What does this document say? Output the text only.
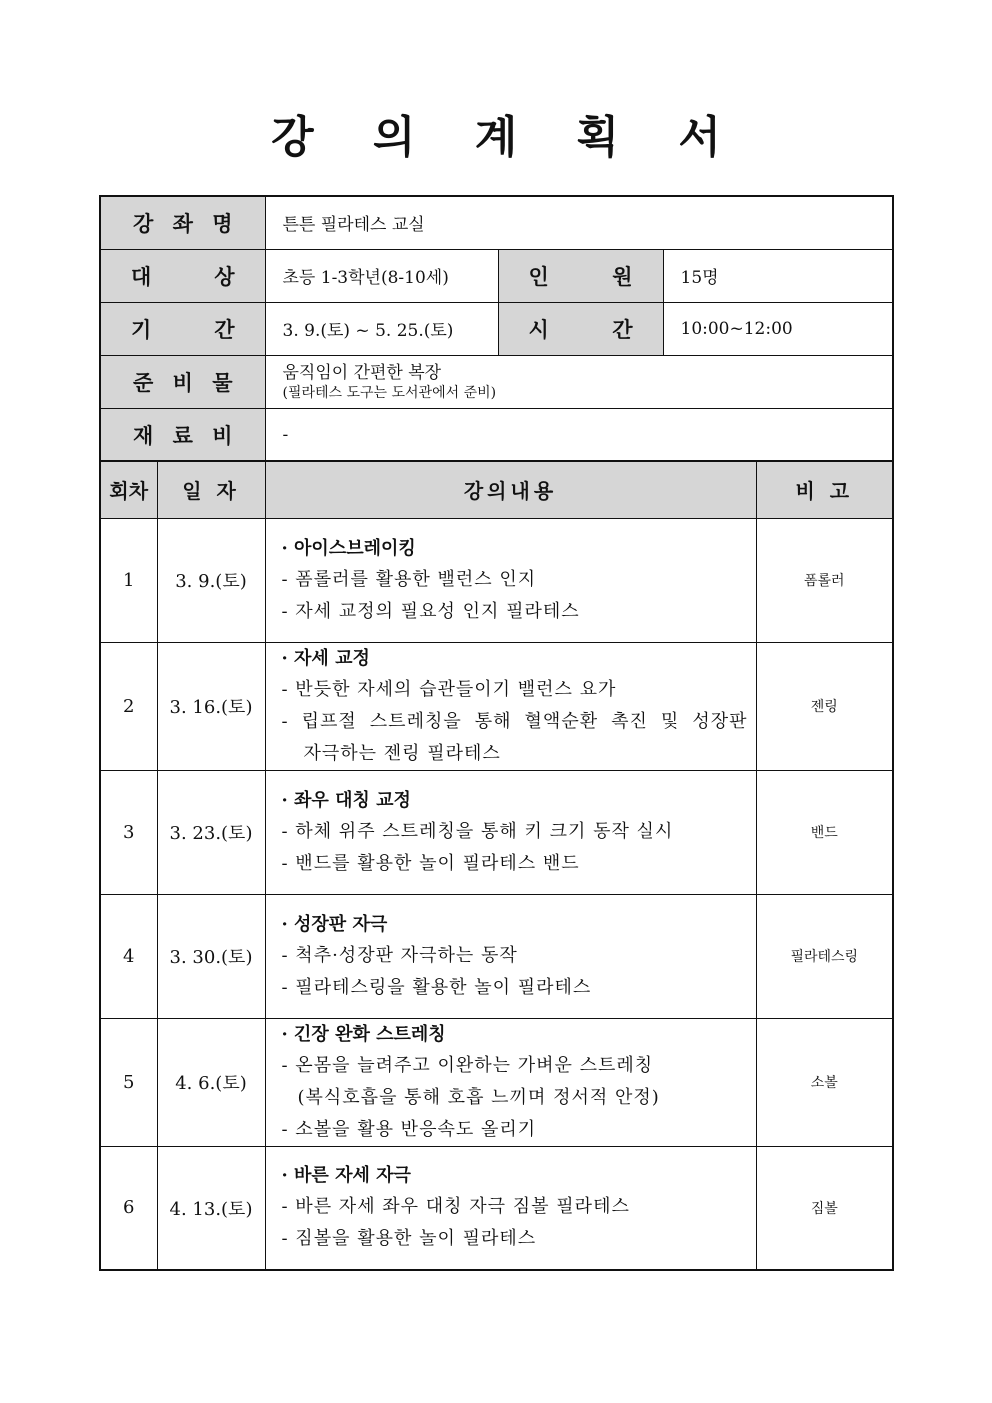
강 의 계 획 서
강 좌 명	튼튼 필라테스 교실		

대 상	초등 1-3학년(8-10세)	인 원	15명

기 간	3. 9.(토) ~ 5. 25.(토)	시 간	10:00~12:00

준 비 물	움직임이 간편한 복장
(필라테스 도구는 도서관에서 준비)		

재 료 비	-		
회차	일 자	강의내용	비 고
1	3. 9.(토)	· 아이스브레이킹
- 폼롤러를 활용한 밸런스 인지
- 자세 교정의 필요성 인지 필라테스	폼롤러
2	3. 16.(토)	· 자세 교정
- 반듯한 자세의 습관들이기 밸런스 요가
- 립프절 스트레칭을 통해 혈액순환 촉진 및 성장판
자극하는 젠링 필라테스	젠링
3	3. 23.(토)	· 좌우 대칭 교정
- 하체 위주 스트레칭을 통해 키 크기 동작 실시
- 밴드를 활용한 놀이 필라테스 밴드	밴드
4	3. 30.(토)	· 성장판 자극
- 척추·성장판 자극하는 동작
- 필라테스링을 활용한 놀이 필라테스	필라테스링
5	4. 6.(토)	· 긴장 완화 스트레칭
- 온몸을 늘려주고 이완하는 가벼운 스트레칭
(복식호흡을 통해 호흡 느끼며 정서적 안정)
- 소볼을 활용 반응속도 올리기	소볼
6	4. 13.(토)	· 바른 자세 자극
- 바른 자세 좌우 대칭 자극 짐볼 필라테스
- 짐볼을 활용한 놀이 필라테스	짐볼
